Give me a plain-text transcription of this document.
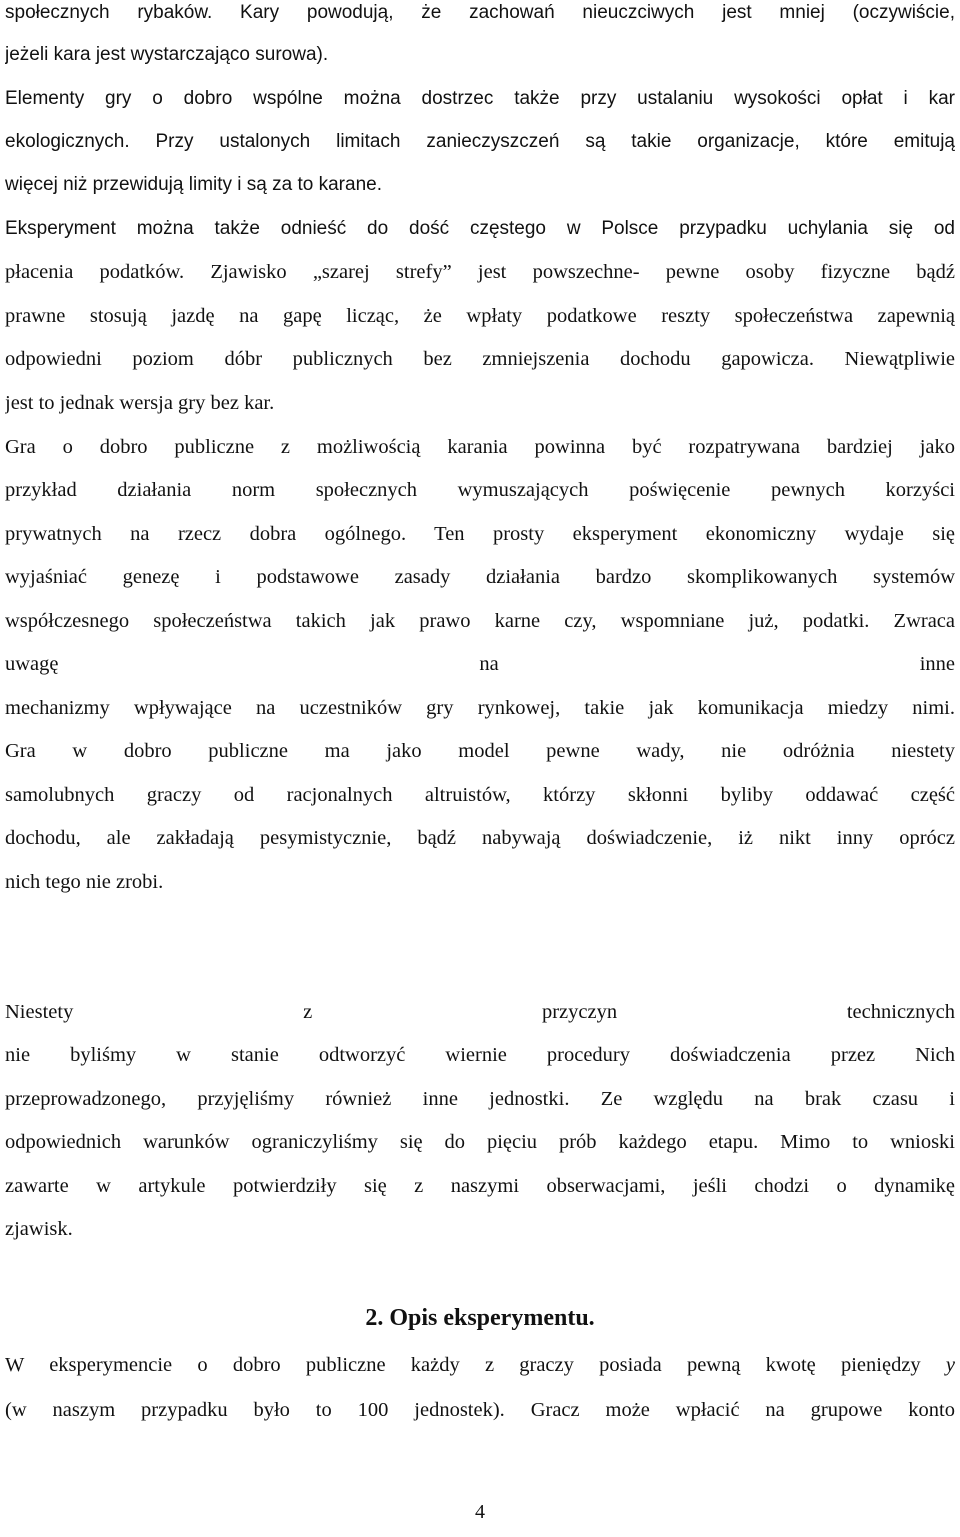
społecznych rybaków. Kary powodują, że zachowań nieuczciwych jest mniej (oczywiście,
jeżeli kara jest wystarczająco surowa).
Elementy gry o dobro wspólne można dostrzec także przy ustalaniu wysokości opłat i kar
ekologicznych. Przy ustalonych limitach zanieczyszczeń są takie organizacje, które emitują
więcej niż przewidują limity i są za to karane.
Eksperyment można także odnieść do dość częstego w Polsce przypadku uchylania się od
płacenia podatków. Zjawisko „szarej strefy” jest powszechne- pewne osoby fizyczne bądź
prawne stosują jazdę na gapę licząc, że wpłaty podatkowe reszty społeczeństwa zapewnią
odpowiedni poziom dóbr publicznych bez zmniejszenia dochodu gapowicza. Niewątpliwie
jest to jednak wersja gry bez kar.
Gra o dobro publiczne z możliwością karania powinna być rozpatrywana bardziej jako
przykład działania norm społecznych wymuszających poświęcenie pewnych korzyści
prywatnych na rzecz dobra ogólnego. Ten prosty eksperyment ekonomiczny wydaje się
wyjaśniać genezę i podstawowe zasady działania bardzo skomplikowanych systemów
współczesnego społeczeństwa takich jak prawo karne czy, wspomniane już, podatki. Zwraca
uwagę na inne
mechanizmy wpływające na uczestników gry rynkowej, takie jak komunikacja miedzy nimi.
Gra w dobro publiczne ma jako model pewne wady, nie odróżnia niestety
samolubnych graczy od racjonalnych altruistów, którzy skłonni byliby oddawać część
dochodu, ale zakładają pesymistycznie, bądź nabywają doświadczenie, iż nikt inny oprócz
nich tego nie zrobi.
Niestety z przyczyn technicznych
nie byliśmy w stanie odtworzyć wiernie procedury doświadczenia przez Nich
przeprowadzonego, przyjęliśmy również inne jednostki. Ze względu na brak czasu i
odpowiednich warunków ograniczyliśmy się do pięciu prób każdego etapu. Mimo to wnioski
zawarte w artykule potwierdziły się z naszymi obserwacjami, jeśli chodzi o dynamikę
zjawisk.
2. Opis eksperymentu.
W eksperymencie o dobro publiczne każdy z graczy posiada pewną kwotę pieniędzy y
(w naszym przypadku było to 100 jednostek). Gracz może wpłacić na grupowe konto
4
